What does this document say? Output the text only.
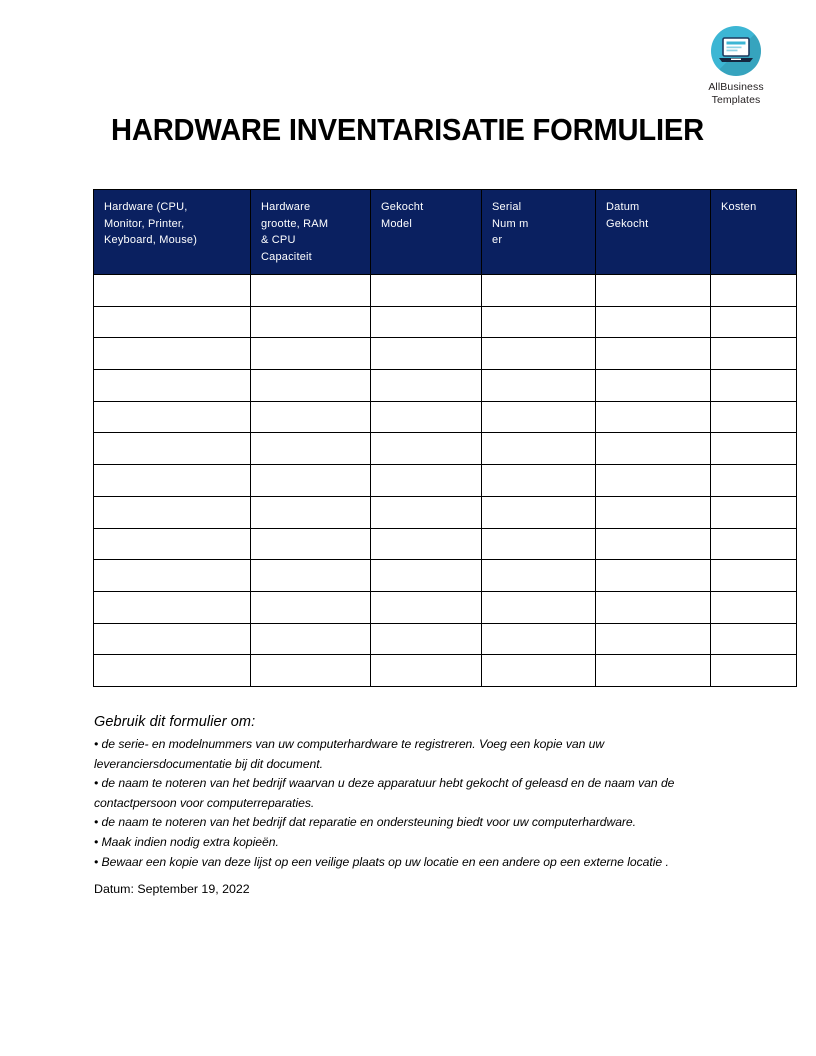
AllBusiness
Templates
HARDWARE INVENTARISATIE FORMULIER
Hardware (CPU,
Monitor, Printer,
Keyboard, Mouse)	Hardware
grootte, RAM
& CPU
Capaciteit	Gekocht
Model	Serial
Num m
er	Datum
Gekocht	Kosten

Gebruik dit formulier om:
• de serie- en modelnummers van uw computerhardware te registreren. Voeg een kopie van uw leveranciersdocumentatie bij dit document.
• de naam te noteren van het bedrijf waarvan u deze apparatuur hebt gekocht of geleasd en de naam van de contactpersoon voor computerreparaties.
• de naam te noteren van het bedrijf dat reparatie en ondersteuning biedt voor uw computerhardware.
• Maak indien nodig extra kopieën.
• Bewaar een kopie van deze lijst op een veilige plaats op uw locatie en een andere op een externe locatie .
Datum: September 19, 2022
